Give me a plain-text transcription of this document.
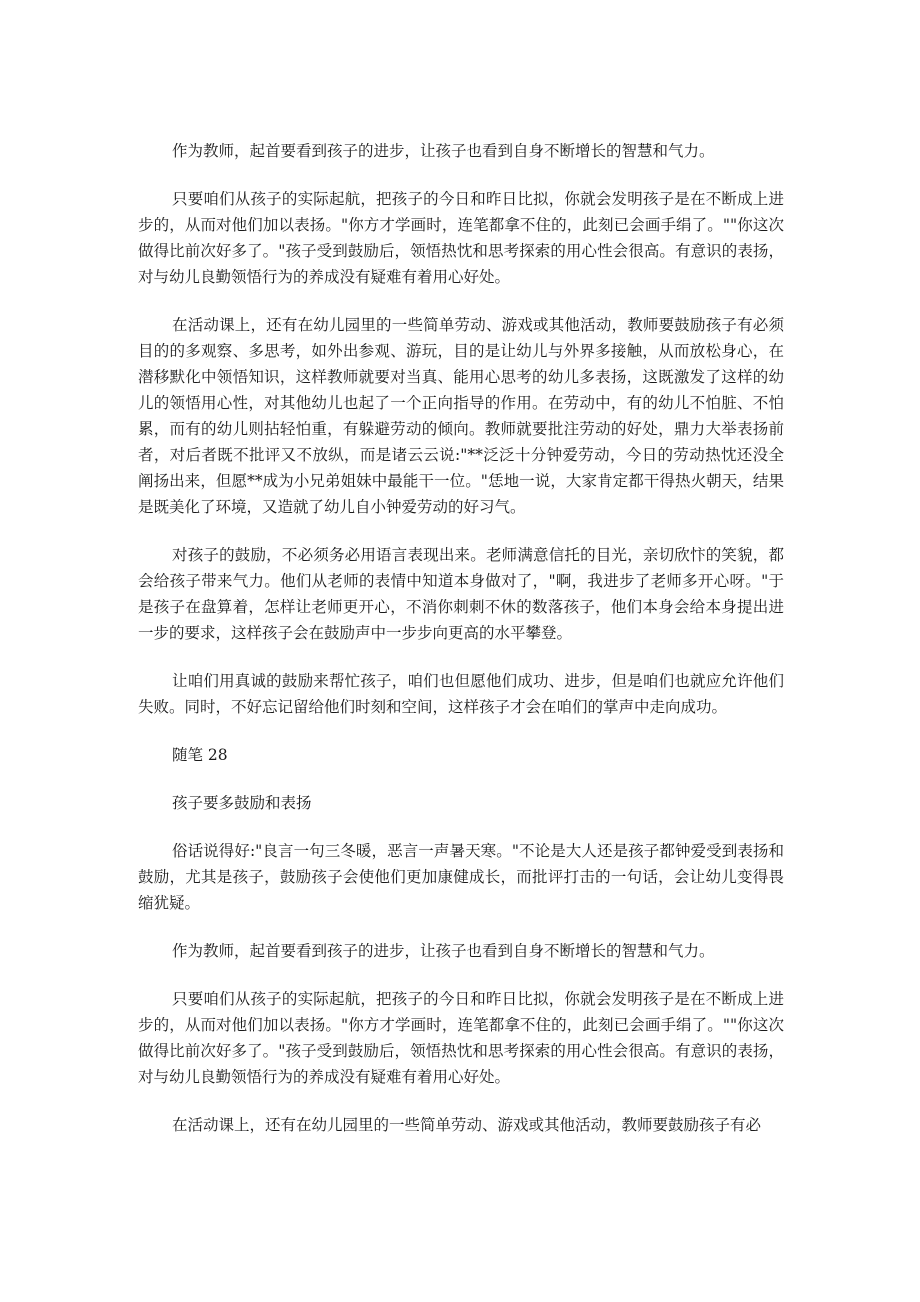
作为教师，起首要看到孩子的进步，让孩子也看到自身不断增长的智慧和气力。

只要咱们从孩子的实际起航，把孩子的今日和昨日比拟，你就会发明孩子是在不断成上进步的，从而对他们加以表扬。"你方才学画时，连笔都拿不住的，此刻已会画手绢了。""你这次做得比前次好多了。"孩子受到鼓励后，领悟热忱和思考探索的用心性会很高。有意识的表扬，对与幼儿良勤领悟行为的养成没有疑难有着用心好处。

在活动课上，还有在幼儿园里的一些简单劳动、游戏或其他活动，教师要鼓励孩子有必须目的的多观察、多思考，如外出参观、游玩，目的是让幼儿与外界多接触，从而放松身心，在潜移默化中领悟知识，这样教师就要对当真、能用心思考的幼儿多表扬，这既激发了这样的幼儿的领悟用心性，对其他幼儿也起了一个正向指导的作用。在劳动中，有的幼儿不怕脏、不怕累，而有的幼儿则拈轻怕重，有躲避劳动的倾向。教师就要批注劳动的好处，鼎力大举表扬前者，对后者既不批评又不放纵，而是诸云云说:"**泛泛十分钟爱劳动，今日的劳动热忱还没全阐扬出来，但愿**成为小兄弟姐妹中最能干一位。"恁地一说，大家肯定都干得热火朝天，结果是既美化了环境，又造就了幼儿自小钟爱劳动的好习气。

对孩子的鼓励，不必须务必用语言表现出来。老师满意信托的目光，亲切欣忭的笑貌，都会给孩子带来气力。他们从老师的表情中知道本身做对了，"啊，我进步了老师多开心呀。"于是孩子在盘算着，怎样让老师更开心，不消你刺刺不休的数落孩子，他们本身会给本身提出进一步的要求，这样孩子会在鼓励声中一步步向更高的水平攀登。

让咱们用真诚的鼓励来帮忙孩子，咱们也但愿他们成功、进步，但是咱们也就应允许他们失败。同时，不好忘记留给他们时刻和空间，这样孩子才会在咱们的掌声中走向成功。

随笔 28

孩子要多鼓励和表扬

俗话说得好:"良言一句三冬暖，恶言一声暑天寒。"不论是大人还是孩子都钟爱受到表扬和鼓励，尤其是孩子，鼓励孩子会使他们更加康健成长，而批评打击的一句话，会让幼儿变得畏缩犹疑。

作为教师，起首要看到孩子的进步，让孩子也看到自身不断增长的智慧和气力。

只要咱们从孩子的实际起航，把孩子的今日和昨日比拟，你就会发明孩子是在不断成上进步的，从而对他们加以表扬。"你方才学画时，连笔都拿不住的，此刻已会画手绢了。""你这次做得比前次好多了。"孩子受到鼓励后，领悟热忱和思考探索的用心性会很高。有意识的表扬，对与幼儿良勤领悟行为的养成没有疑难有着用心好处。

在活动课上，还有在幼儿园里的一些简单劳动、游戏或其他活动，教师要鼓励孩子有必
